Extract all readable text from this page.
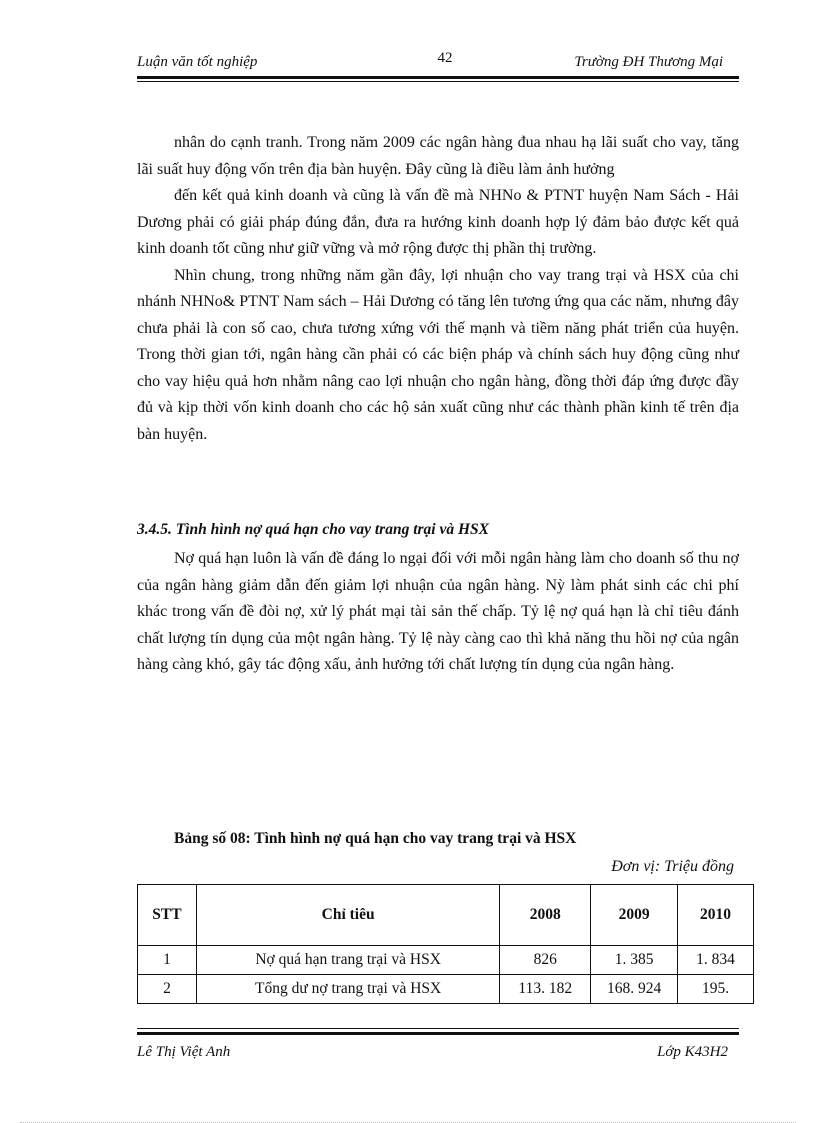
Luận văn tốt nghiệp	42	Trường ĐH Thương Mại

nhân do cạnh tranh. Trong năm 2009 các ngân hàng đua nhau hạ lãi suất cho vay, tăng lãi suất huy động vốn trên địa bàn huyện. Đây cũng là điều làm ảnh hưởng

đến kết quả kinh doanh và cũng là vấn đề mà NHNo & PTNT huyện Nam Sách - Hải Dương phải có giải pháp đúng đắn, đưa ra hướng kinh doanh hợp lý đảm bảo được kết quả kinh doanh tốt cũng như giữ vững và mở rộng được thị phần thị trường.

Nhìn chung, trong những năm gần đây, lợi nhuận cho vay trang trại và HSX của chi nhánh NHNo& PTNT Nam sách – Hải Dương có tăng lên tương ứng qua các năm, nhưng đây chưa phải là con số cao, chưa tương xứng với thế mạnh và tiềm năng phát triển của huyện. Trong thời gian tới, ngân hàng cần phải có các biện pháp và chính sách huy động cũng như cho vay hiệu quả hơn nhằm nâng cao lợi nhuận cho ngân hàng, đồng thời đáp ứng được đầy đủ và kịp thời vốn kinh doanh cho các hộ sản xuất cũng như các thành phần kinh tế trên địa bàn huyện.

3.4.5. Tình hình nợ quá hạn cho vay trang trại và HSX

Nợ quá hạn luôn là vấn đề đáng lo ngại đối với mỗi ngân hàng làm cho doanh số thu nợ của ngân hàng giảm dẫn đến giảm lợi nhuận của ngân hàng. Nỳ làm phát sinh các chi phí khác trong vấn đề đòi nợ, xử lý phát mại tài sản thế chấp. Tỷ lệ nợ quá hạn là chỉ tiêu đánh chất lượng tín dụng của một ngân hàng. Tỷ lệ này càng cao thì khả năng thu hồi nợ của ngân hàng càng khó, gây tác động xấu, ảnh hưởng tới chất lượng tín dụng của ngân hàng.

Bảng số 08: Tình hình nợ quá hạn cho vay trang trại và HSX
Đơn vị: Triệu đồng
STT	Chỉ tiêu	2008	2009	2010
1	Nợ quá hạn trang trại và HSX	826	1. 385	1. 834
2	Tổng dư nợ trang trại và HSX	113. 182	168. 924	195.
Lê Thị Việt Anh	Lớp K43H2
